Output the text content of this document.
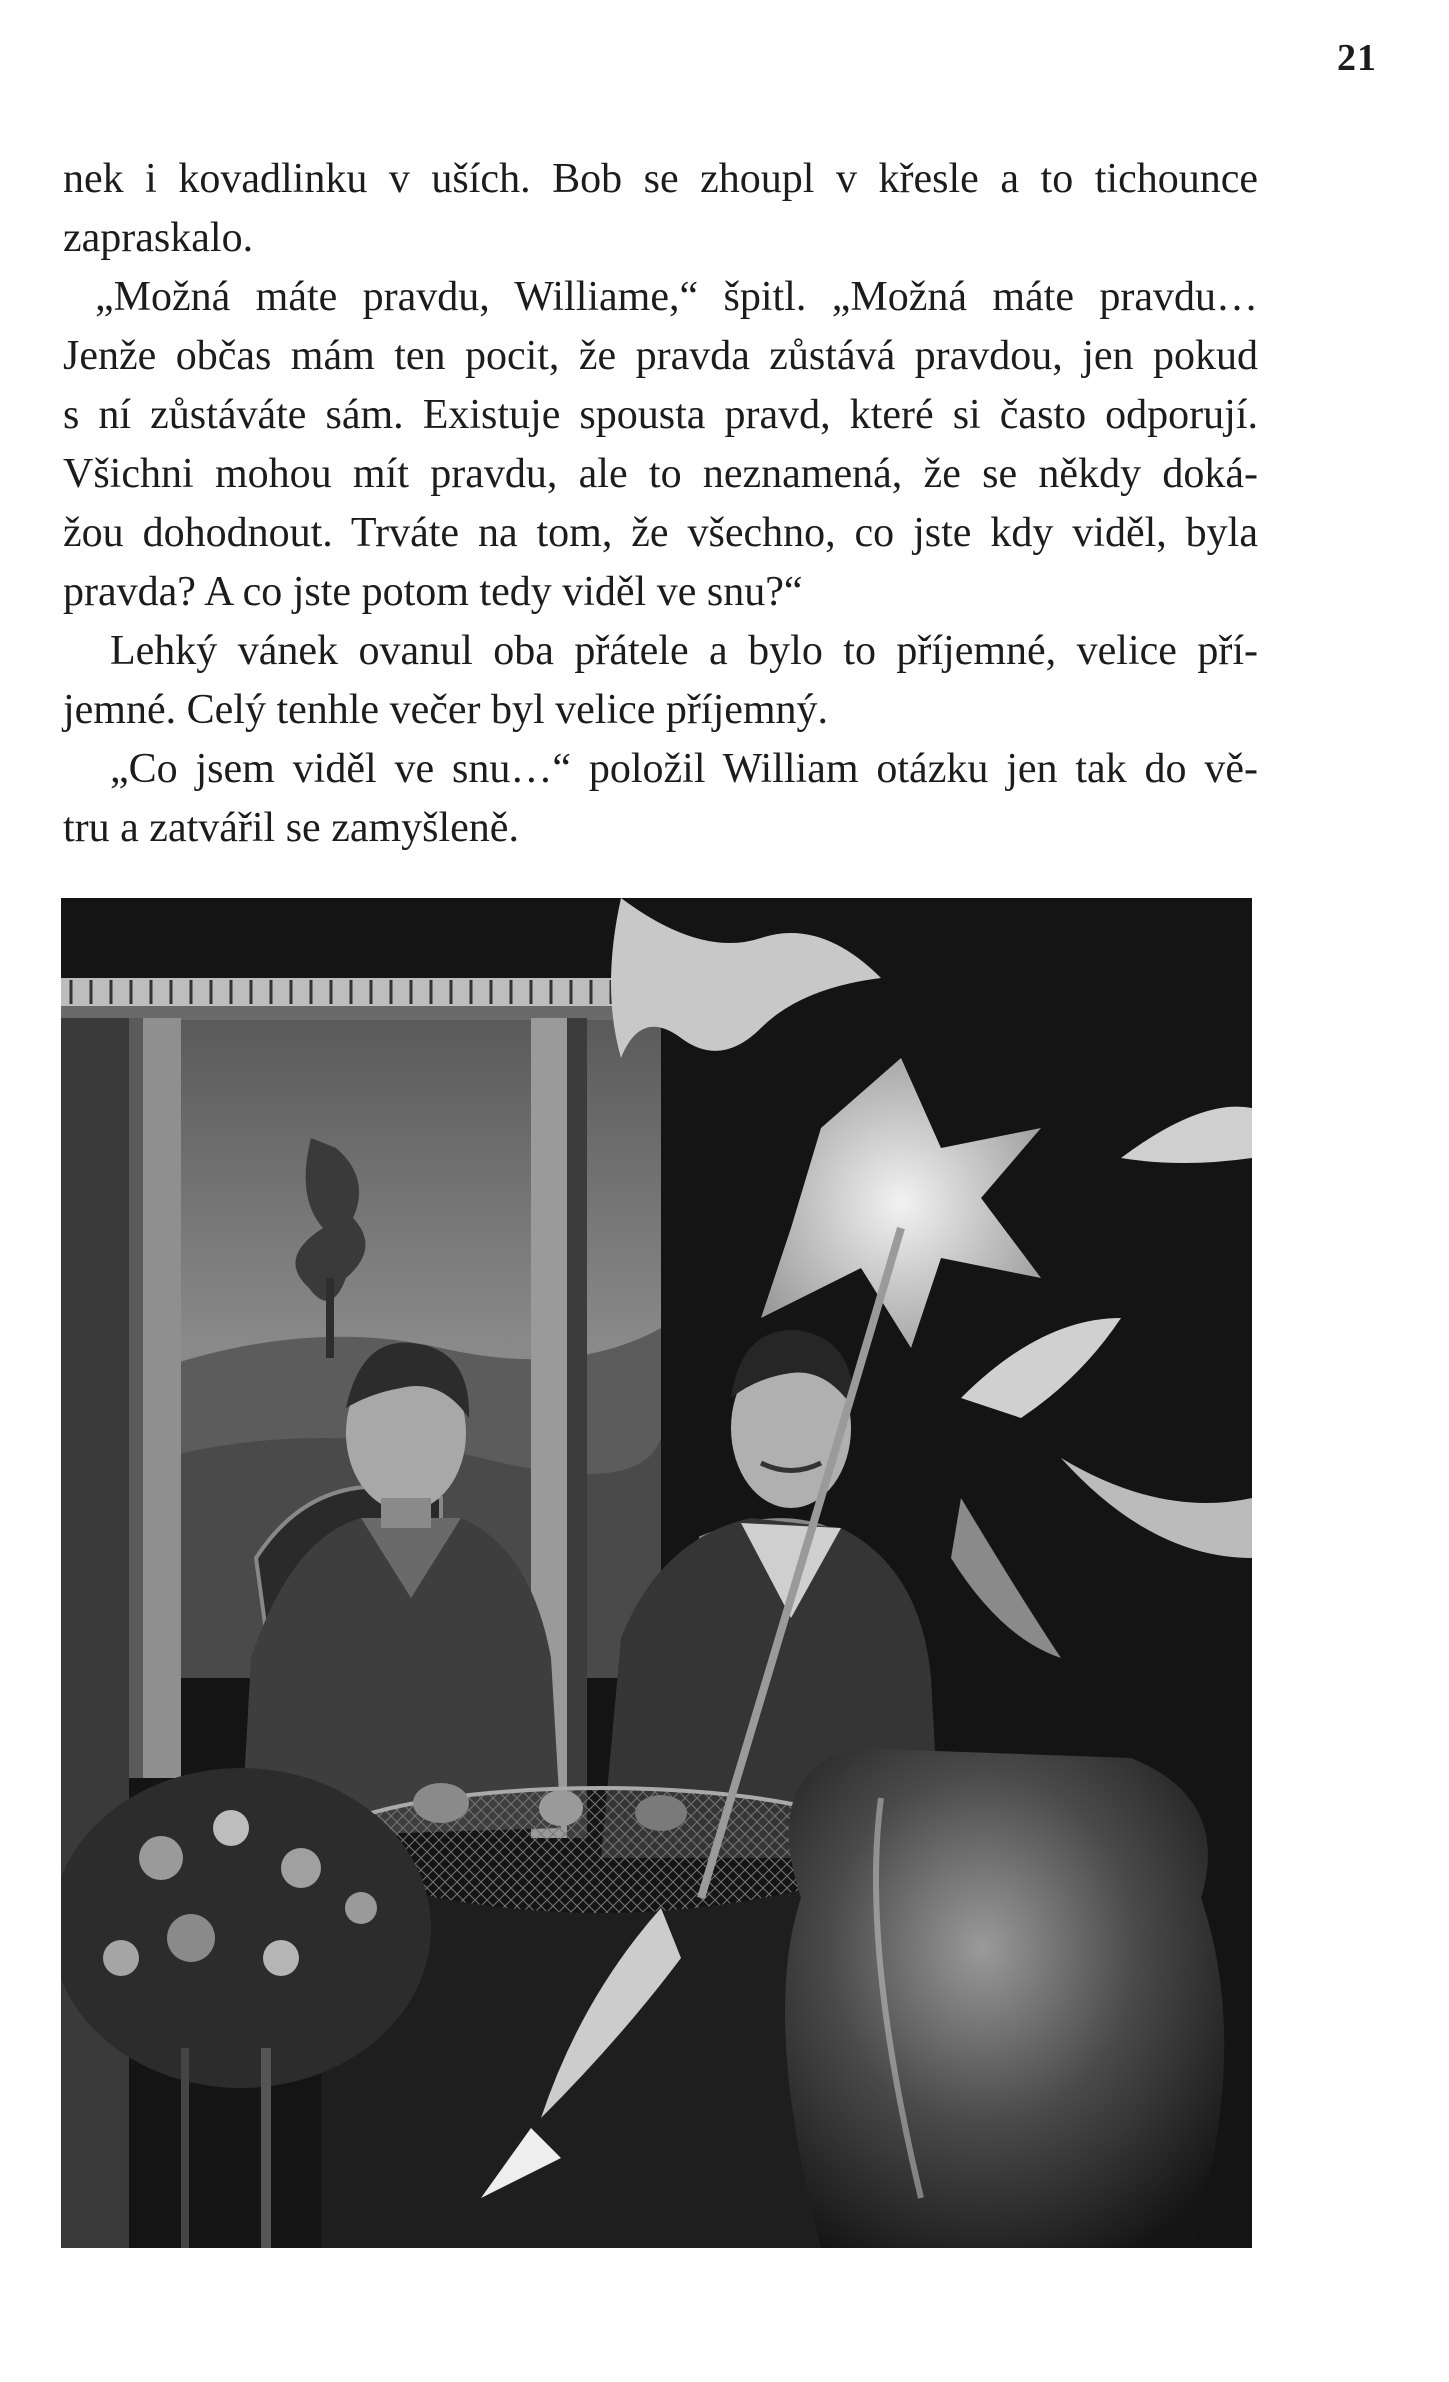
21
nek i kovadlinku v uších. Bob se zhoupl v křesle a to tichounce
zapraskalo.
„Možná máte pravdu, Williame,“ špitl. „Možná máte pravdu…
Jenže občas mám ten pocit, že pravda zůstává pravdou, jen pokud
s ní zůstáváte sám. Existuje spousta pravd, které si často odporují.
Všichni mohou mít pravdu, ale to neznamená, že se někdy doká-
žou dohodnout. Trváte na tom, že všechno, co jste kdy viděl, byla
pravda? A co jste potom tedy viděl ve snu?“
Lehký vánek ovanul oba přátele a bylo to příjemné, velice pří-
jemné. Celý tenhle večer byl velice příjemný.
„Co jsem viděl ve snu…“ položil William otázku jen tak do vě-
tru a zatvářil se zamyšleně.
